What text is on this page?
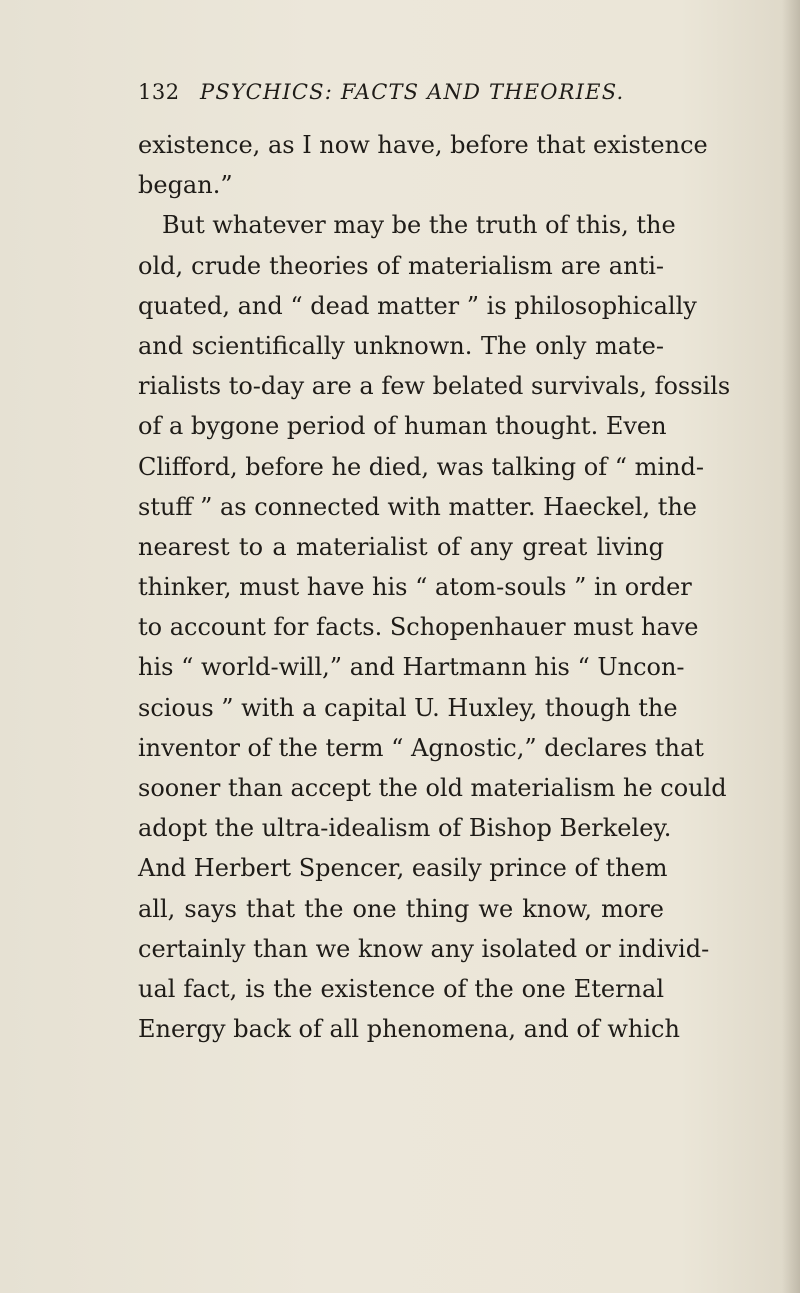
132 PSYCHICS: FACTS AND THEORIES.
existence, as I now have, before that existence
began.”
But whatever may be the truth of this, the
old, crude theories of materialism are anti-
quated, and “ dead matter ” is philosophically
and scientifically unknown. The only mate-
rialists to-day are a few belated survivals, fossils
of a bygone period of human thought. Even
Clifford, before he died, was talking of “ mind-
stuff ” as connected with matter. Haeckel, the
nearest to a materialist of any great living
thinker, must have his “ atom-souls ” in order
to account for facts. Schopenhauer must have
his “ world-will,” and Hartmann his “ Uncon-
scious ” with a capital U. Huxley, though the
inventor of the term “ Agnostic,” declares that
sooner than accept the old materialism he could
adopt the ultra-idealism of Bishop Berkeley.
And Herbert Spencer, easily prince of them
all, says that the one thing we know, more
certainly than we know any isolated or individ-
ual fact, is the existence of the one Eternal
Energy back of all phenomena, and of which
